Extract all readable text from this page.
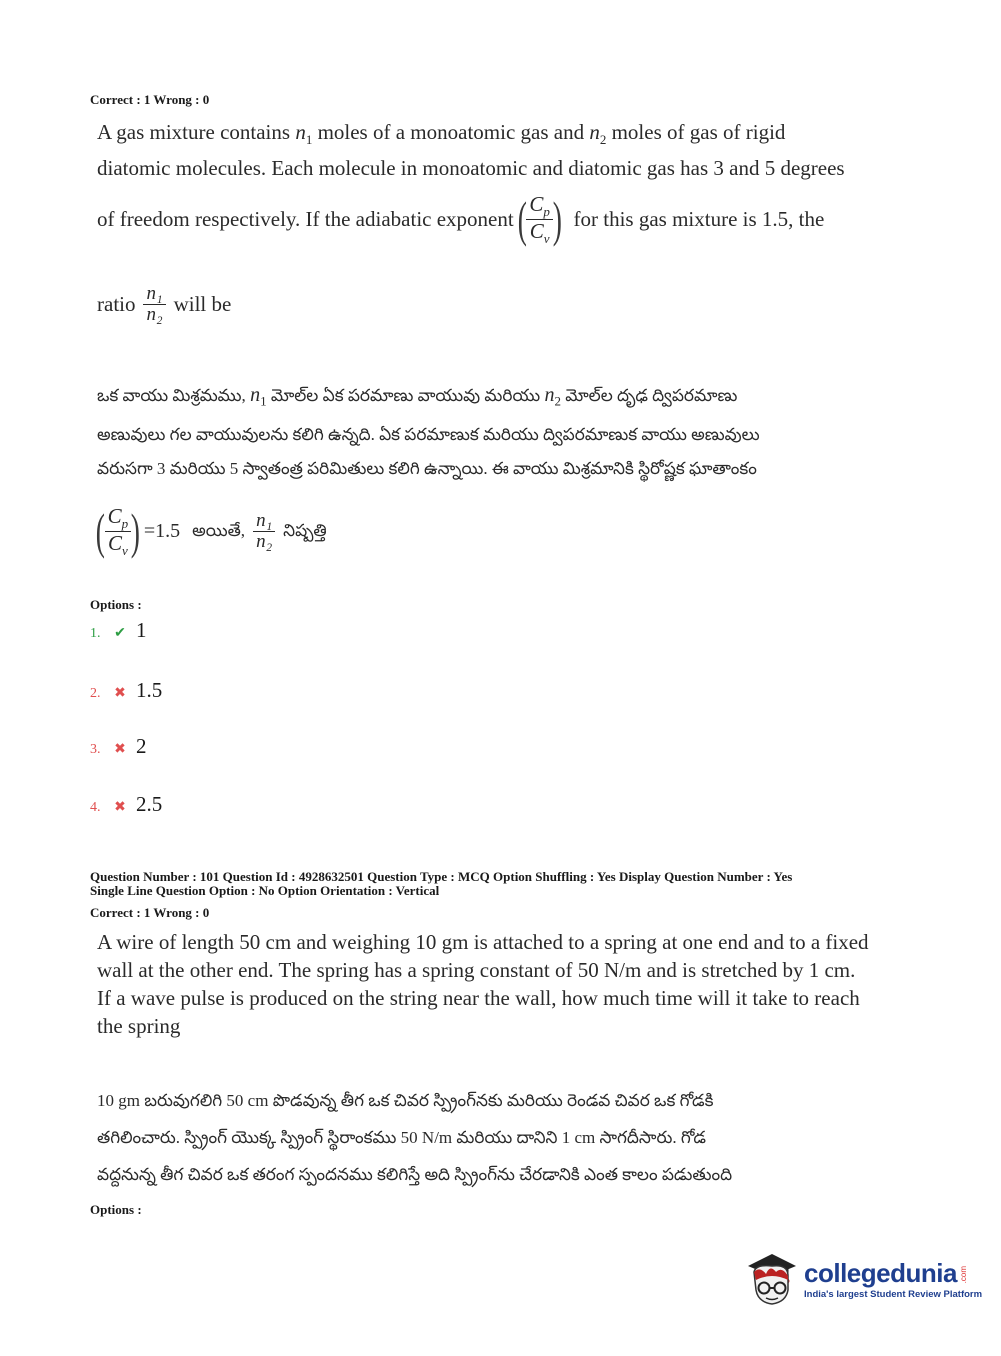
Correct : 1 Wrong : 0
A gas mixture contains $n_1$ moles of a monoatomic gas and $n_2$ moles of gas of rigid
diatomic molecules. Each molecule in monoatomic and diatomic gas has 3 and 5 degrees
of freedom respectively. If the adiabatic exponent ( $\frac{C_p}{C_v}$ ) for this gas mixture is 1.5, the
ratio $\frac{\text{n₁}}{\text{n₂}}$ will be
ఒక వాయు మిశ్రమము, $n_1$ మోల్‌ల ఏక పరమాణు వాయువు మరియు $n_2$ మోల్‌ల దృఢ ద్విపరమాణు
అణువులు గల వాయువులను కలిగి ఉన్నది. ఏక పరమాణుక మరియు ద్విపరమాణుక వాయు అణువులు
వరుసగా 3 మరియు 5 స్వాతంత్ర పరిమితులు కలిగి ఉన్నాయి. ఈ వాయు మిశ్రమానికి స్థిరోష్ణక ఘాతాంకం
( $\frac{C_p}{C_v}$ ) =1.5 అయితే, $\frac{\text{n₁}}{\text{n₂}}$ నిష్పత్తి
Options :
1. ✔ 1
2. ✖ 1.5
3. ✖ 2
4. ✖ 2.5
Question Number : 101 Question Id : 4928632501 Question Type : MCQ Option Shuffling : Yes Display Question Number : Yes
Single Line Question Option : No Option Orientation : Vertical
Correct : 1 Wrong : 0
A wire of length 50 cm and weighing 10 gm is attached to a spring at one end and to a fixed
wall at the other end. The spring has a spring constant of 50 N/m and is stretched by 1 cm.
If a wave pulse is produced on the string near the wall, how much time will it take to reach
the spring
10 gm బరువుగలిగి 50 cm పొడవున్న తీగ ఒక చివర స్ప్రింగ్‌నకు మరియు రెండవ చివర ఒక గోడకి
తగిలించారు. స్ప్రింగ్ యొక్క స్ప్రింగ్ స్థిరాంకము 50 N/m మరియు దానిని 1 cm సాగదీసారు. గోడ
వద్దనున్న తీగ చివర ఒక తరంగ స్పందనము కలిగిస్తే అది స్ప్రింగ్‌ను చేరడానికి ఎంత కాలం పడుతుంది
Options :
collegedunia .com
India's largest Student Review Platform
